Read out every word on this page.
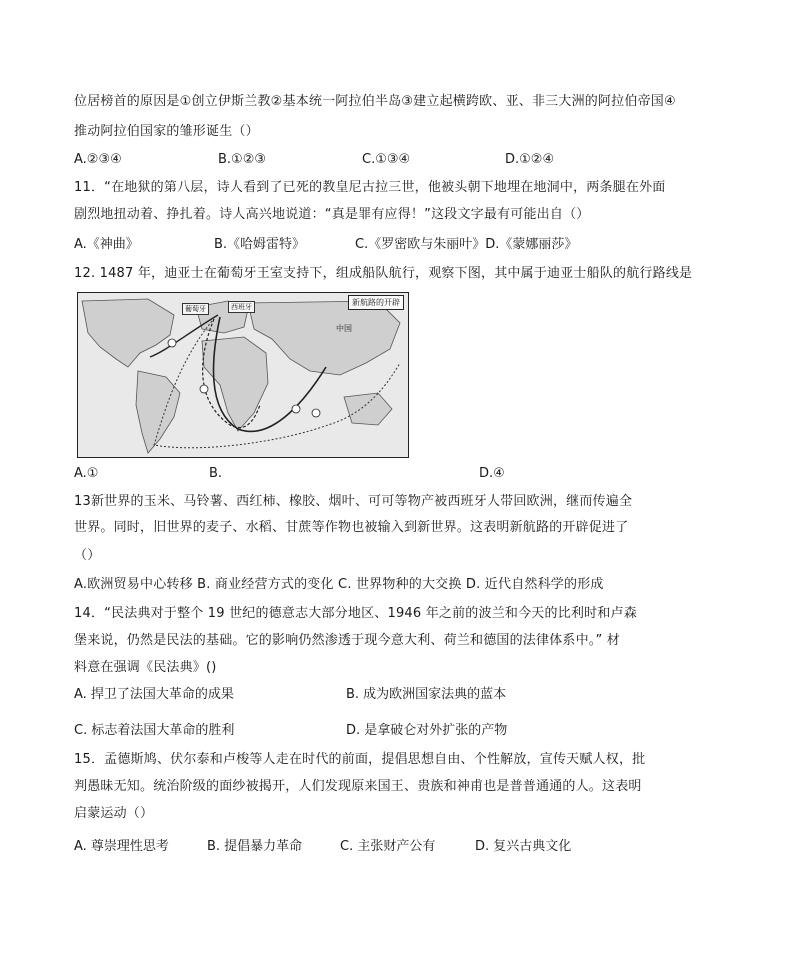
位居榜首的原因是①创立伊斯兰教②基本统一阿拉伯半岛③建立起横跨欧、亚、非三大洲的阿拉伯帝国④
推动阿拉伯国家的雏形诞生（）
A.②③④	B.①②③	C.①③④	D.①②④
11．“在地狱的第八层，诗人看到了已死的教皇尼古拉三世，他被头朝下地埋在地洞中，两条腿在外面
剧烈地扭动着、挣扎着。诗人高兴地说道：“真是罪有应得！”这段文字最有可能出自（）
A.《神曲》	B.《哈姆雷特》	C.《罗密欧与朱丽叶》D.《蒙娜丽莎》
12. 1487 年，迪亚士在葡萄牙王室支持下，组成船队航行，观察下图，其中属于迪亚士船队的航行路线是
新航路的开辟
葡萄牙	西班牙
中国
A.①	B.	D.④
13新世界的玉米、马铃薯、西红柿、橡胶、烟叶、可可等物产被西班牙人带回欧洲，继而传遍全
世界。同时，旧世界的麦子、水稻、甘蔗等作物也被输入到新世界。这表明新航路的开辟促进了
（）
A.欧洲贸易中心转移 B. 商业经营方式的变化 C. 世界物种的大交换 D. 近代自然科学的形成
14．“民法典对于整个 19 世纪的德意志大部分地区、1946 年之前的波兰和今天的比利时和卢森
堡来说，仍然是民法的基础。它的影响仍然渗透于现今意大利、荷兰和德国的法律体系中。” 材
料意在强调《民法典》()
A. 捍卫了法国大革命的成果	B. 成为欧洲国家法典的蓝本
C. 标志着法国大革命的胜利	D. 是拿破仑对外扩张的产物
15．孟德斯鸠、伏尔泰和卢梭等人走在时代的前面，提倡思想自由、个性解放，宣传天赋人权，批
判愚昧无知。统治阶级的面纱被揭开，人们发现原来国王、贵族和神甫也是普普通通的人。这表明
启蒙运动（）
A. 尊崇理性思考	B. 提倡暴力革命	C. 主张财产公有	D. 复兴古典文化
